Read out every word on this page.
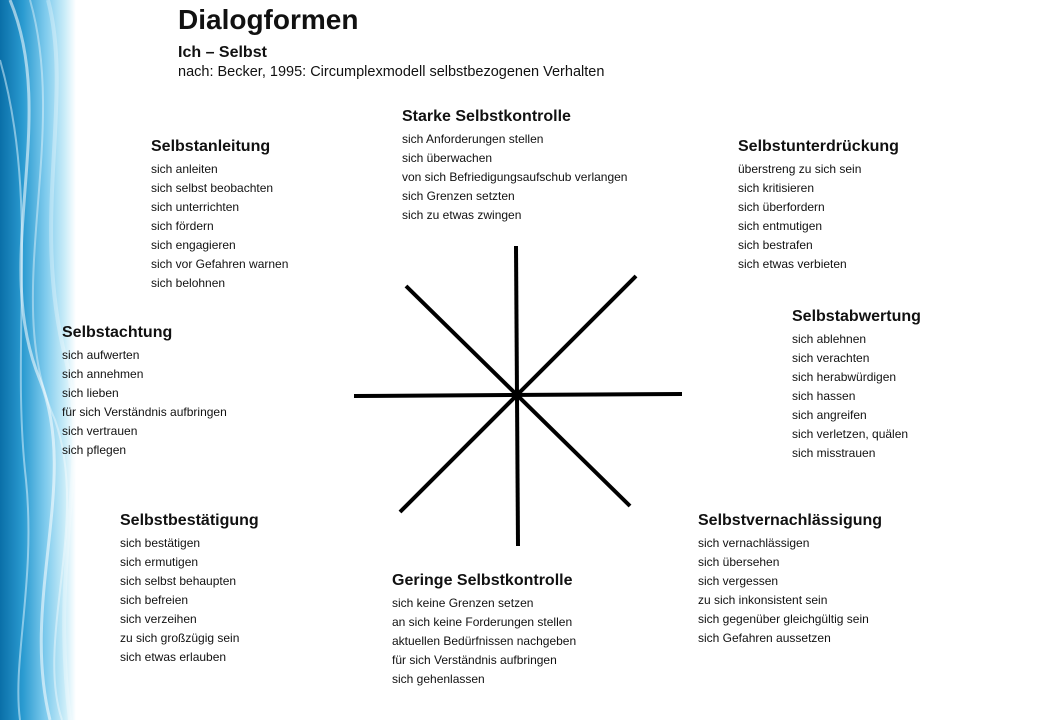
Dialogformen
Ich – Selbst
nach: Becker, 1995: Circumplexmodell selbstbezogenen Verhalten
Starke Selbstkontrolle
sich Anforderungen stellen
sich überwachen
von sich Befriedigungsaufschub verlangen
sich Grenzen setzten
sich zu etwas zwingen
Selbstunterdrückung
überstreng zu sich sein
sich kritisieren
sich überfordern
sich entmutigen
sich bestrafen
sich etwas verbieten
Selbstabwertung
sich ablehnen
sich verachten
sich herabwürdigen
sich hassen
sich angreifen
sich verletzen, quälen
sich misstrauen
Selbstvernachlässigung
sich vernachlässigen
sich übersehen
sich vergessen
zu sich inkonsistent sein
sich gegenüber gleichgültig sein
sich Gefahren aussetzen
Geringe Selbstkontrolle
sich keine Grenzen setzen
an sich keine Forderungen stellen
aktuellen Bedürfnissen nachgeben
für sich Verständnis aufbringen
sich gehenlassen
Selbstbestätigung
sich bestätigen
sich ermutigen
sich selbst behaupten
sich befreien
sich verzeihen
zu sich großzügig sein
sich etwas erlauben
Selbstachtung
sich aufwerten
sich annehmen
sich lieben
für sich Verständnis aufbringen
sich vertrauen
sich pflegen
Selbstanleitung
sich anleiten
sich selbst beobachten
sich unterrichten
sich fördern
sich engagieren
sich vor Gefahren warnen
sich belohnen
